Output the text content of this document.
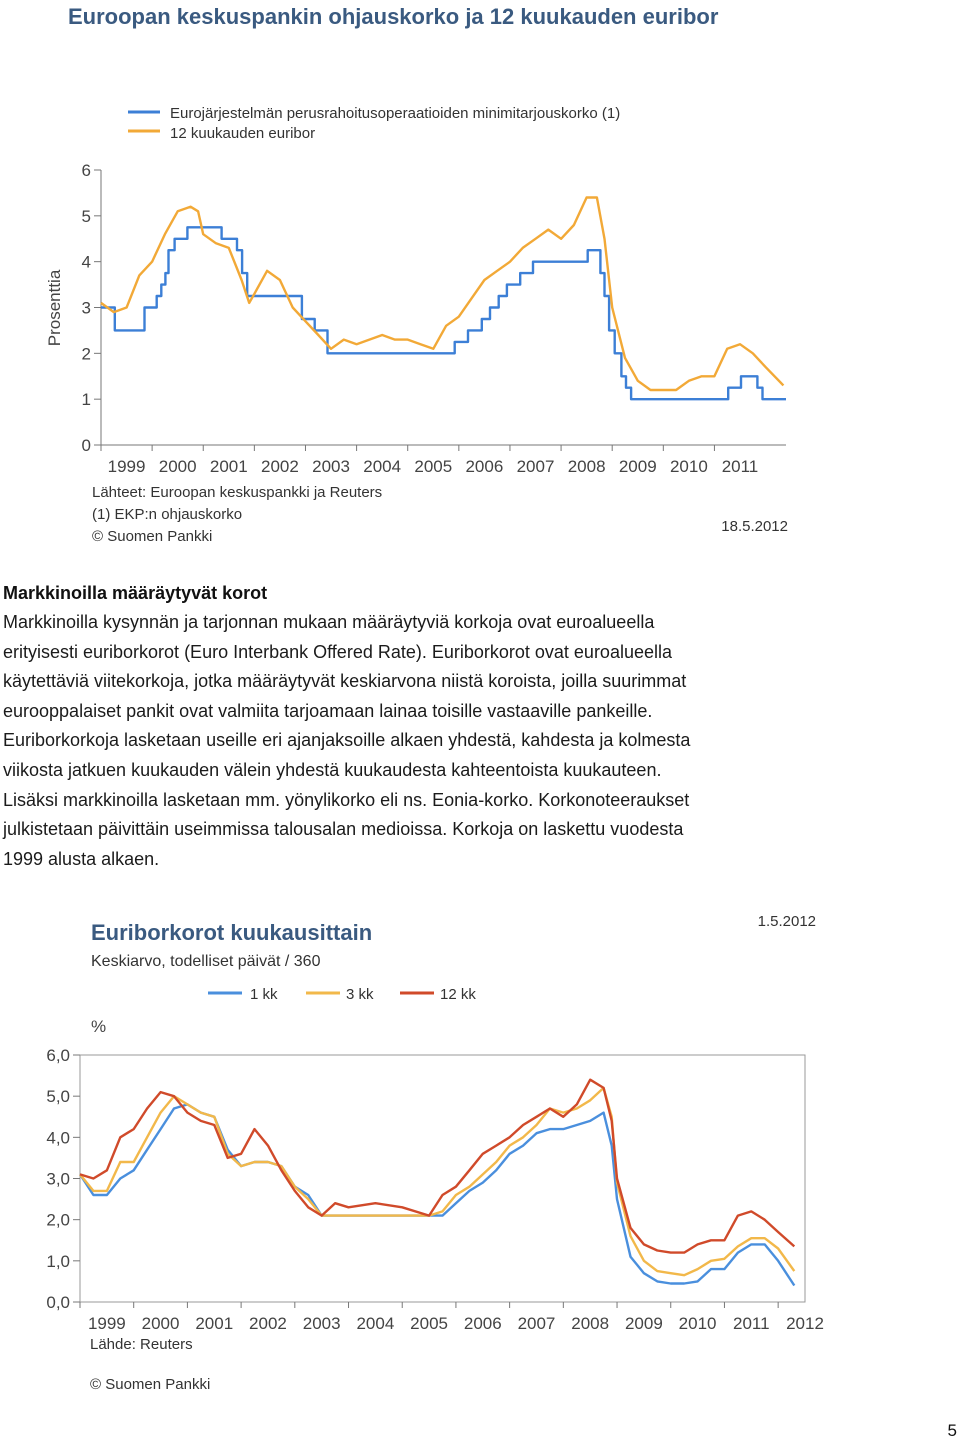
Euroopan keskuspankin ohjauskorko ja 12 kuukauden euribor
Eurojärjestelmän perusrahoitusoperaatioiden minimitarjouskorko (1)
12 kuukauden euribor
Prosenttia
0
1
2
3
4
5
6
1999 2000 2001 2002 2003 2004 2005 2006 2007 2008 2009 2010 2011
Lähteet: Euroopan keskuspankki ja Reuters
(1) EKP:n ohjauskorko
© Suomen Pankki
18.5.2012
Markkinoilla määräytyvät korot

Markkinoilla kysynnän ja tarjonnan mukaan määräytyviä korkoja ovat euroalueella
erityisesti euriborkorot (Euro Interbank Offered Rate). Euriborkorot ovat euroalueella
käytettäviä viitekorkoja, jotka määräytyvät keskiarvona niistä koroista, joilla suurimmat
eurooppalaiset pankit ovat valmiita tarjoamaan lainaa toisille vastaaville pankeille.
Euriborkorkoja lasketaan useille eri ajanjaksoille alkaen yhdestä, kahdesta ja kolmesta
viikosta jatkuen kuukauden välein yhdestä kuukaudesta kahteentoista kuukauteen.
Lisäksi markkinoilla lasketaan mm. yönylikorko eli ns. Eonia-korko. Korkonoteeraukset
julkistetaan päivittäin useimmissa talousalan medioissa. Korkoja on laskettu vuodesta
1999 alusta alkaen.

Euriborkorot kuukausittain
Keskiarvo, todelliset päivät / 360
1.5.2012
1 kk	3 kk	12 kk
%
0,0
1,0
2,0
3,0
4,0
5,0
6,0
1999 2000 2001 2002 2003 2004 2005 2006 2007 2008 2009 2010 2011 2012
Lähde: Reuters
© Suomen Pankki
5
